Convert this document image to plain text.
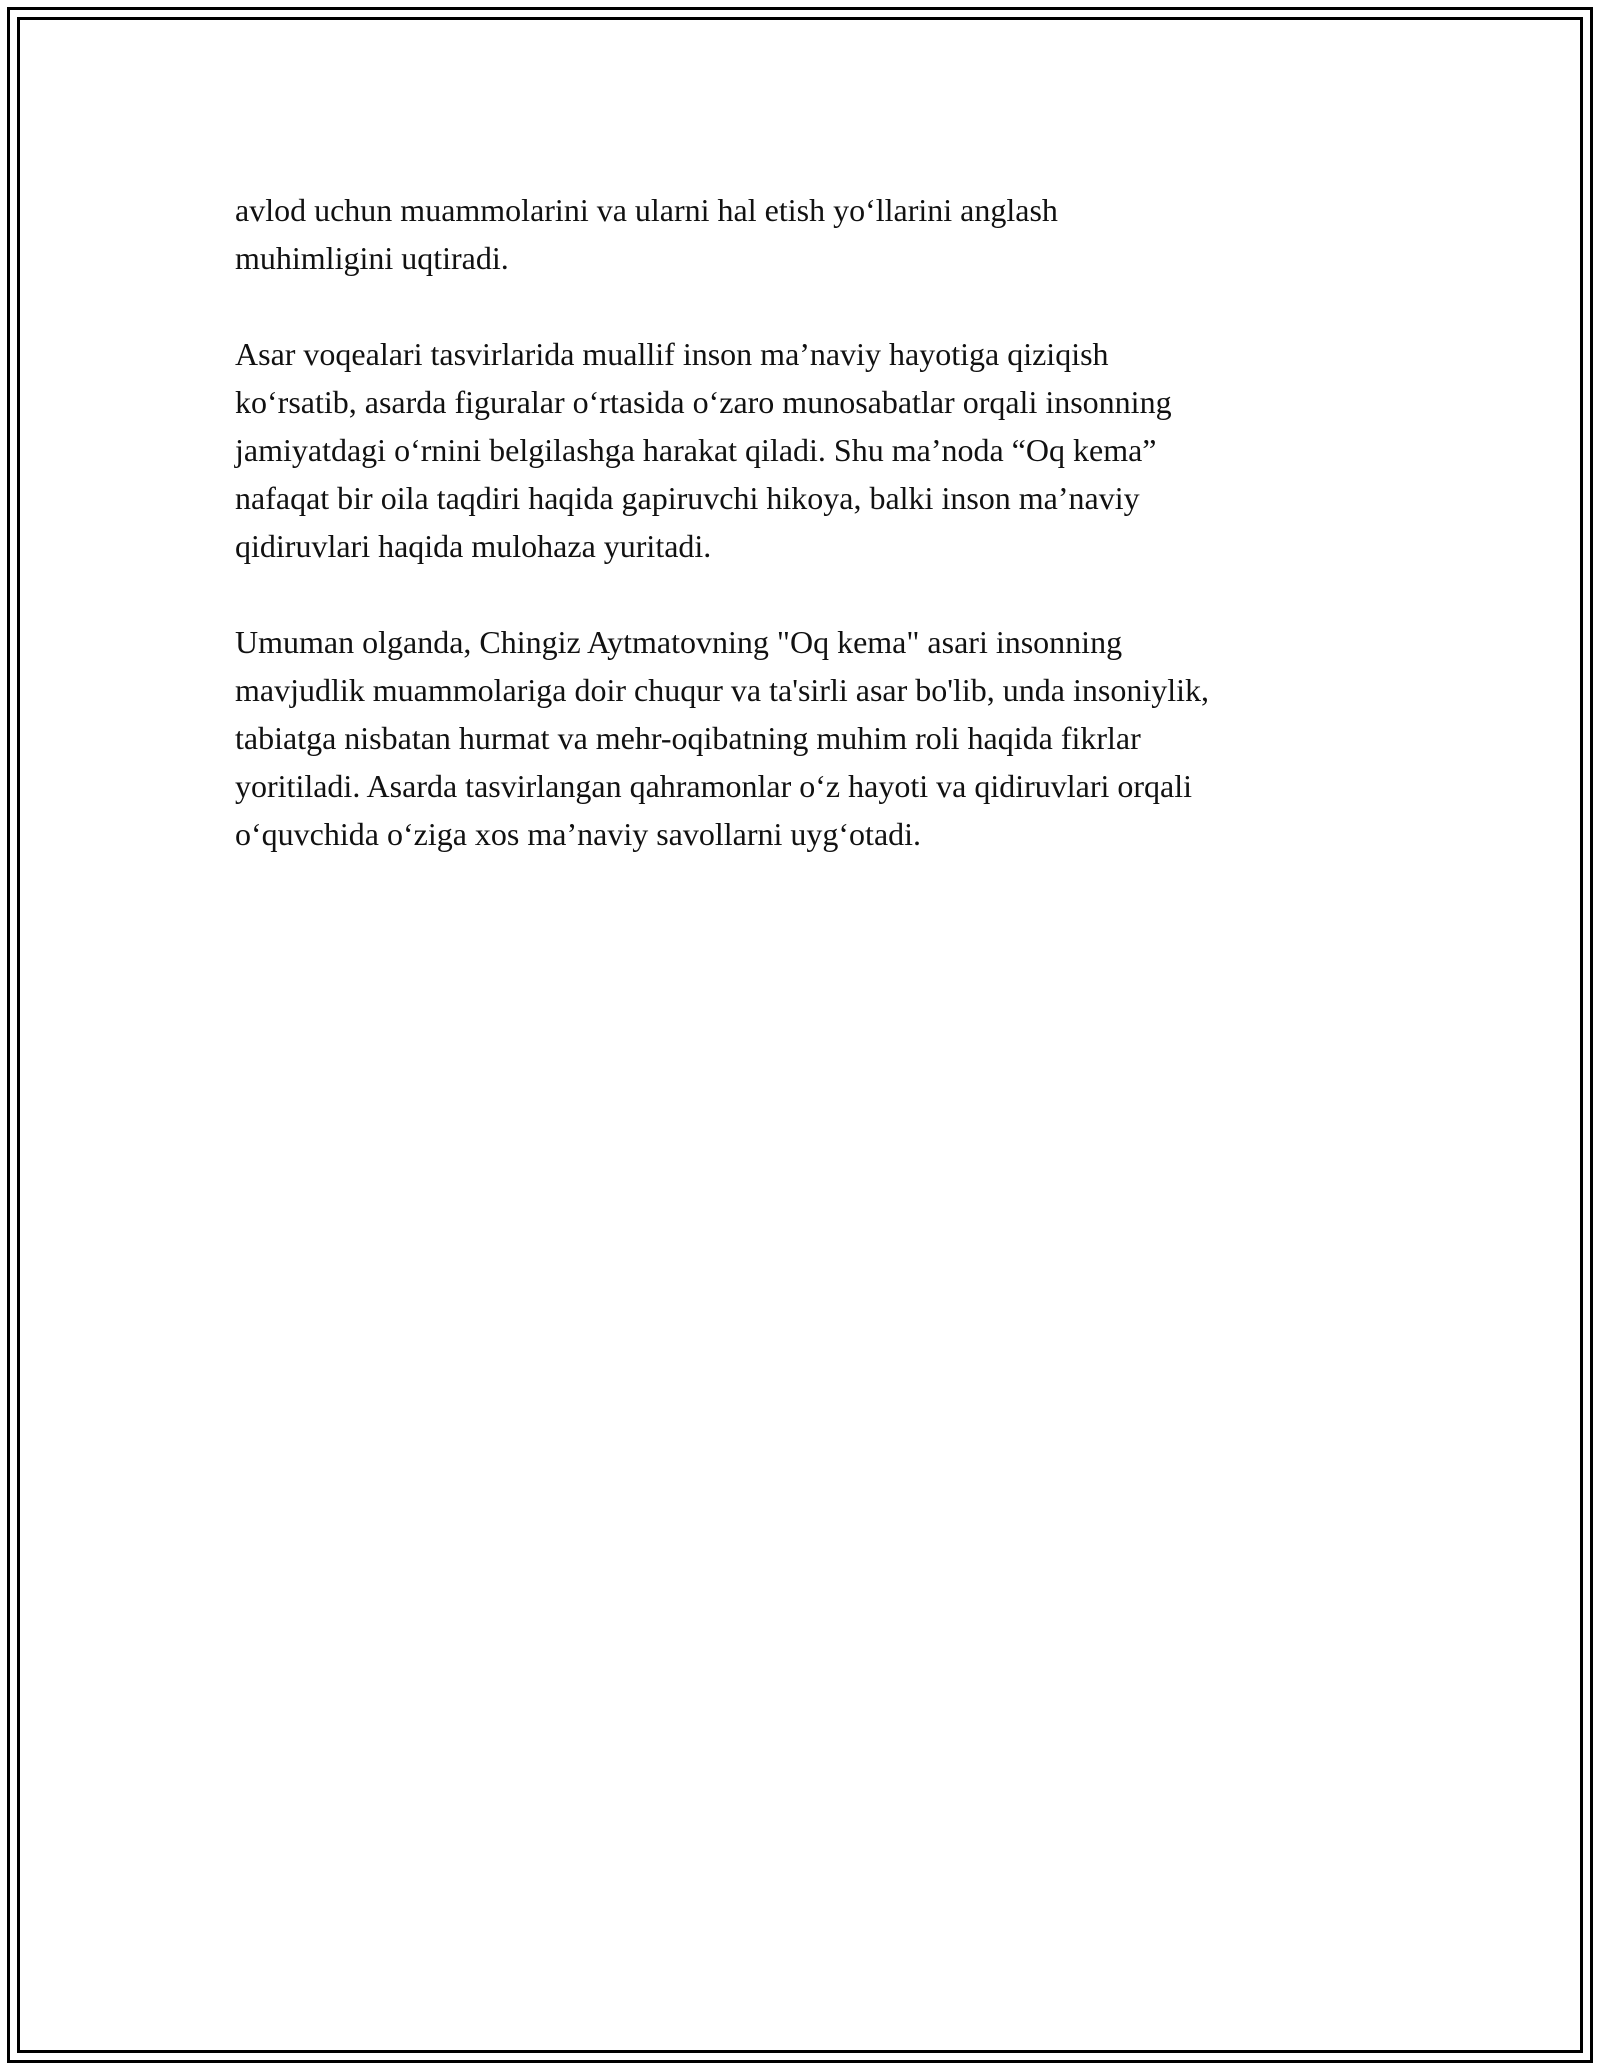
avlod uchun muammolarini va ularni hal etish yo‘llarini anglash
muhimligini uqtiradi.

Asar voqealari tasvirlarida muallif inson ma’naviy hayotiga qiziqish
ko‘rsatib, asarda figuralar o‘rtasida o‘zaro munosabatlar orqali insonning
jamiyatdagi o‘rnini belgilashga harakat qiladi. Shu ma’noda “Oq kema”
nafaqat bir oila taqdiri haqida gapiruvchi hikoya, balki inson ma’naviy
qidiruvlari haqida mulohaza yuritadi.

Umuman olganda, Chingiz Aytmatovning "Oq kema" asari insonning
mavjudlik muammolariga doir chuqur va ta'sirli asar bo'lib, unda insoniylik,
tabiatga nisbatan hurmat va mehr-oqibatning muhim roli haqida fikrlar
yoritiladi. Asarda tasvirlangan qahramonlar o‘z hayoti va qidiruvlari orqali
o‘quvchida o‘ziga xos ma’naviy savollarni uyg‘otadi.
